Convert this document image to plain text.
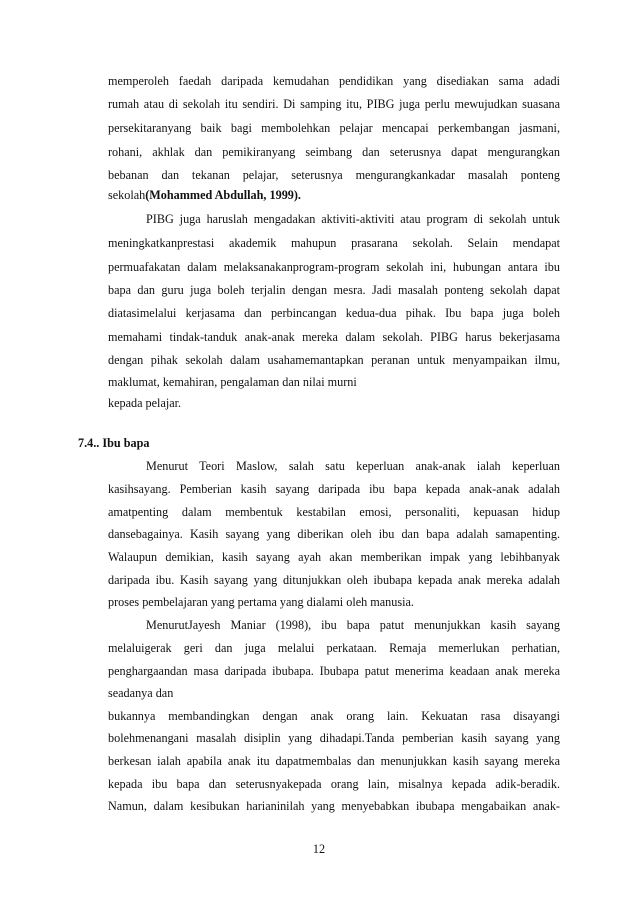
memperoleh faedah daripada kemudahan pendidikan yang disediakan sama adadi
rumah atau di sekolah itu sendiri. Di samping itu, PIBG juga perlu mewujudkan suasana
persekitaranyang baik bagi membolehkan pelajar mencapai perkembangan jasmani,
rohani, akhlak dan pemikiranyang seimbang dan seterusnya dapat mengurangkan
bebanan dan tekanan pelajar, seterusnya mengurangkankadar masalah ponteng
sekolah(Mohammed Abdullah, 1999).
PIBG juga haruslah mengadakan aktiviti-aktiviti atau program di sekolah untuk
meningkatkanprestasi akademik mahupun prasarana sekolah. Selain mendapat
permuafakatan dalam melaksanakanprogram-program sekolah ini, hubungan antara ibu
bapa dan guru juga boleh terjalin dengan mesra. Jadi masalah ponteng sekolah dapat
diatasimelalui kerjasama dan perbincangan kedua-dua pihak. Ibu bapa juga boleh
memahami tindak-tanduk anak-anak mereka dalam sekolah. PIBG harus bekerjasama
dengan pihak sekolah dalam usahamemantapkan peranan untuk menyampaikan ilmu,
maklumat, kemahiran, pengalaman dan nilai murni
kepada pelajar.
7.4.. Ibu bapa
Menurut Teori Maslow, salah satu keperluan anak-anak ialah keperluan
kasihsayang. Pemberian kasih sayang daripada ibu bapa kepada anak-anak adalah
amatpenting dalam membentuk kestabilan emosi, personaliti, kepuasan hidup
dansebagainya. Kasih sayang yang diberikan oleh ibu dan bapa adalah samapenting.
Walaupun demikian, kasih sayang ayah akan memberikan impak yang lebihbanyak
daripada ibu. Kasih sayang yang ditunjukkan oleh ibubapa kepada anak mereka adalah
proses pembelajaran yang pertama yang dialami oleh manusia.
MenurutJayesh Maniar (1998), ibu bapa patut menunjukkan kasih sayang
melaluigerak geri dan juga melalui perkataan. Remaja memerlukan perhatian,
penghargaandan masa daripada ibubapa. Ibubapa patut menerima keadaan anak mereka
seadanya dan
bukannya membandingkan dengan anak orang lain. Kekuatan rasa disayangi
bolehmenangani masalah disiplin yang dihadapi.Tanda pemberian kasih sayang yang
berkesan ialah apabila anak itu dapatmembalas dan menunjukkan kasih sayang mereka
kepada ibu bapa dan seterusnyakepada orang lain, misalnya kepada adik-beradik.
Namun, dalam kesibukan harianinilah yang menyebabkan ibubapa mengabaikan anak-
12
